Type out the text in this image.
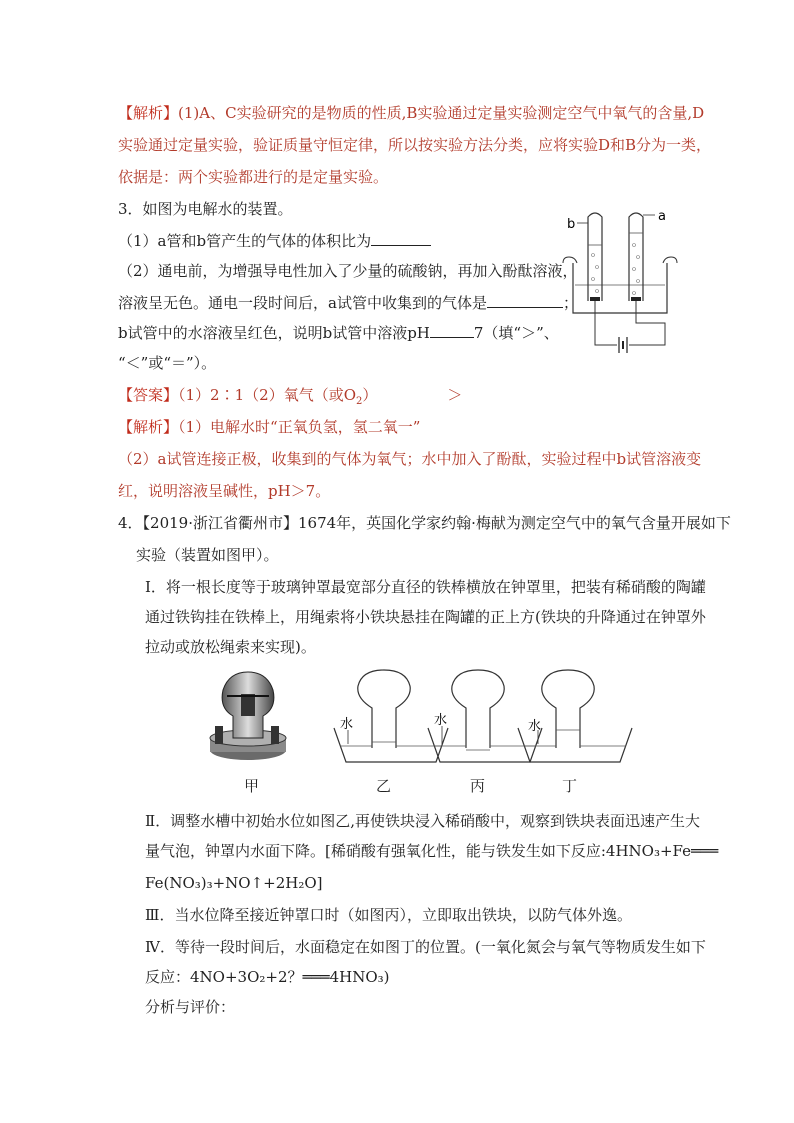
【解析】(1)A、C实验研究的是物质的性质,B实验通过定量实验测定空气中氧气的含量,D
实验通过定量实验，验证质量守恒定律，所以按实验方法分类，应将实验D和B分为一类，
依据是：两个实验都进行的是定量实验。
3．如图为电解水的装置。
（1）a管和b管产生的气体的体积比为
（2）通电前，为增强导电性加入了少量的硫酸钠，再加入酚酞溶液，
溶液呈无色。通电一段时间后，a试管中收集到的气体是	；
b试管中的水溶液呈红色，说明b试管中溶液pH	7（填“＞”、
“＜”或“＝”）。
b
a
【答案】（1）2∶1（2）氧气（或$O_2$）	＞
【解析】（1）电解水时“正氧负氢，氢二氧一”
（2）a试管连接正极，收集到的气体为氧气；水中加入了酚酞，实验过程中b试管溶液变
红，说明溶液呈碱性，pH＞7。
4．【2019·浙江省衢州市】1674年，英国化学家约翰·梅献为测定空气中的氧气含量开展如下
实验（装置如图甲）。
Ⅰ．将一根长度等于玻璃钟罩最宽部分直径的铁棒横放在钟罩里，把装有稀硝酸的陶罐
通过铁钩挂在铁棒上，用绳索将小铁块悬挂在陶罐的正上方(铁块的升降通过在钟罩外
拉动或放松绳索来实现)。
水	水	水
甲	乙	丙	丁
Ⅱ．调整水槽中初始水位如图乙,再使铁块浸入稀硝酸中，观察到铁块表面迅速产生大
量气泡，钟罩内水面下降。[稀硝酸有强氧化性，能与铁发生如下反应:4HNO₃+Fe═══
Fe(NO₃)₃+NO↑+2H₂O]
Ⅲ．当水位降至接近钟罩口时（如图丙），立即取出铁块，以防气体外逸。
Ⅳ．等待一段时间后，水面稳定在如图丁的位置。(一氧化氮会与氧气等物质发生如下
反应：4NO+3O₂+2？═══4HNO₃)
分析与评价：
